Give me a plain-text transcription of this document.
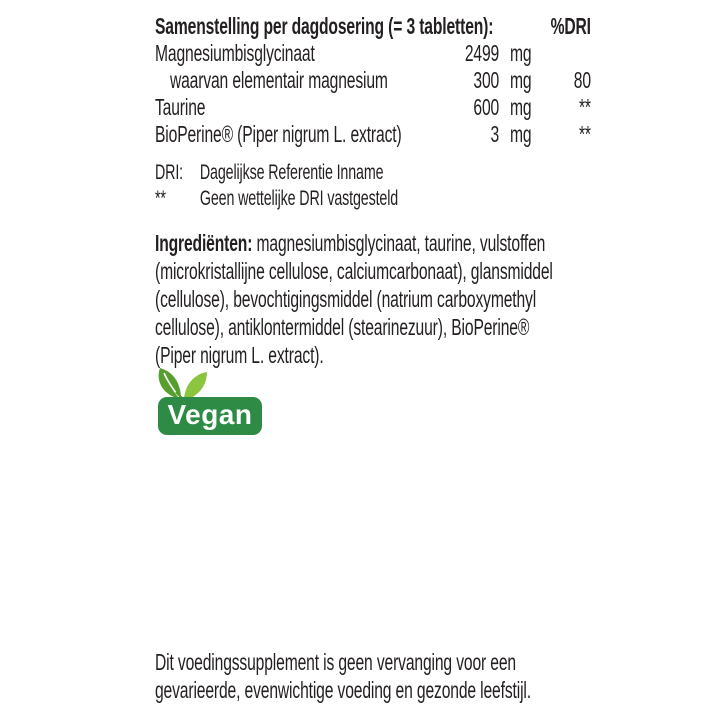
Samenstelling per dagdosering (= 3 tabletten):	%DRI
Magnesiumbisglycinaat	2499 mg
waarvan elementair magnesium	300 mg	80
Taurine	600 mg	**
BioPerine® (Piper nigrum L. extract)	3 mg	**
DRI: Dagelijkse Referentie Inname
**	Geen wettelijke DRI vastgesteld
Ingrediënten: magnesiumbisglycinaat, taurine, vulstoffen
(microkristallijne cellulose, calciumcarbonaat), glansmiddel
(cellulose), bevochtigingsmiddel (natrium carboxymethyl
cellulose), antiklontermiddel (stearinezuur), BioPerine®
(Piper nigrum L. extract).
Dit voedingssupplement is geen vervanging voor een
gevarieerde, evenwichtige voeding en gezonde leefstijl.
Vegan
